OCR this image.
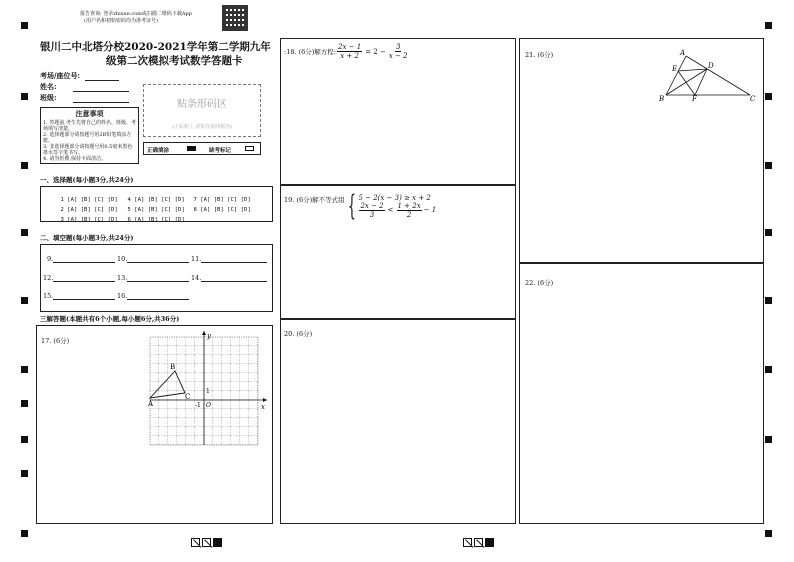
报告查询: 登录zhixue.com或扫描二维码下载App
(用户名和初始密码均为准考证号)
银川二中北塔分校2020-2021学年第二学期九年
级第二次模拟考试数学答题卡
考场/座位号:
姓名:
班级:
注意事项
1. 答题前,考生先将自己的姓名、班级、考场填写清楚。
2. 选择题部分请按题号用2B铅笔填涂方框。
3. 非选择题部分请按题号用0.5毫米黑色墨水签字笔书写。
4. 请勿折叠,保持卡面清洁。
贴条形码区
(正面朝上,请贴在虚线框内)
正确填涂	缺考标记
一、选择题(每小题3分,共24分)

1 [A] [B] [C] [D]
	4 [A] [B] [C] [D]
	7 [A] [B] [C] [D]

2 [A] [B] [C] [D]
	5 [A] [B] [C] [D]
	8 [A] [B] [C] [D]

3 [A] [B] [C] [D]
	6 [A] [B] [C] [D]

二、填空题(每小题3分,共24分)
9.	10.	11.
12.	13.	14.
15.	16.
三解答题(本题共有6个小题,每小题6分,共36分)
17. (6分)
x
y
O
-1
1
A
B
C
:18. (6分)解方程: $\frac{2x - 1}{x + 2} = 2 - \frac{3}{x - 2}$
19. (6分)解不等式组 { 5 − 2(x − 3) ≥ x + 2
$\frac{2x - 2}{3} < \frac{1 + 2x}{2} - 1$
20. (6分)
21. (6分)	A
E	D
B	F	C
22. (6分)
